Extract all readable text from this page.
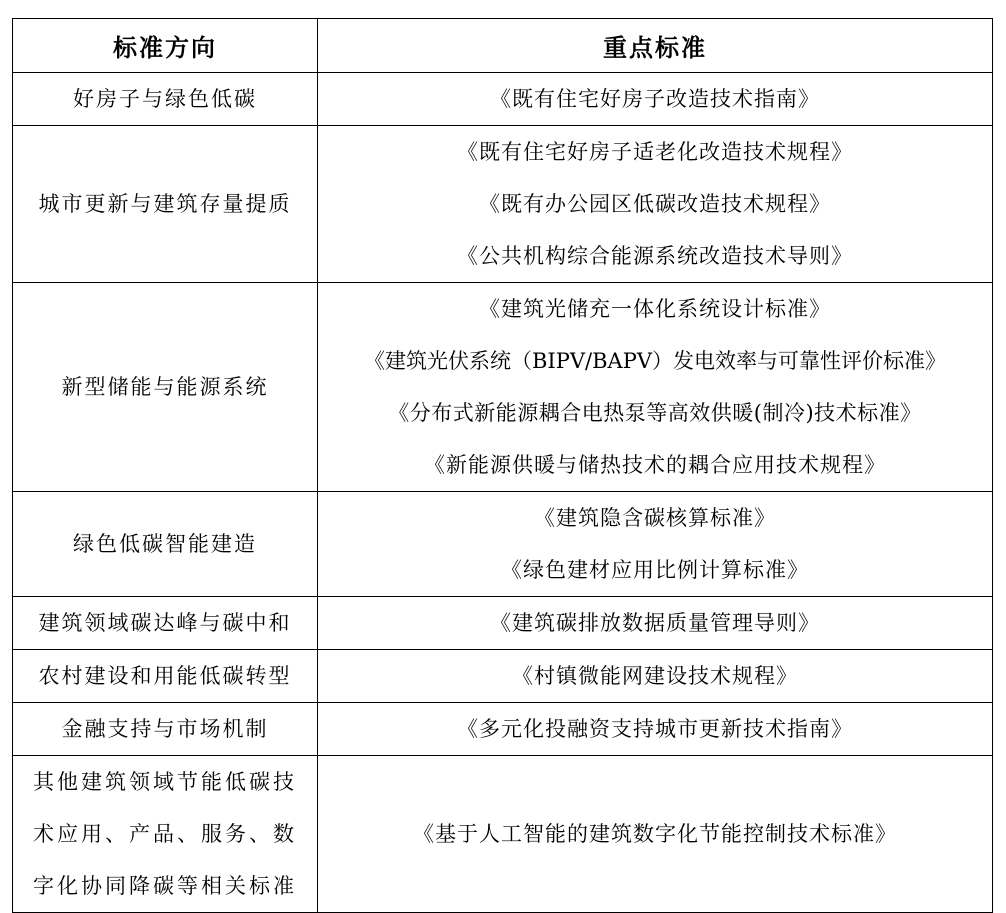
标准方向	重点标准

好房子与绿色低碳	《既有住宅好房子改造技术指南》

城市更新与建筑存量提质	《既有住宅好房子适老化改造技术规程》
《既有办公园区低碳改造技术规程》
《公共机构综合能源系统改造技术导则》

新型储能与能源系统	《建筑光储充一体化系统设计标准》
《建筑光伏系统（BIPV/BAPV）发电效率与可靠性评价标准》
《分布式新能源耦合电热泵等高效供暖(制冷)技术标准》
《新能源供暖与储热技术的耦合应用技术规程》

绿色低碳智能建造	《建筑隐含碳核算标准》
《绿色建材应用比例计算标准》

建筑领域碳达峰与碳中和	《建筑碳排放数据质量管理导则》

农村建设和用能低碳转型	《村镇微能网建设技术规程》

金融支持与市场机制	《多元化投融资支持城市更新技术指南》

其他建筑领域节能低碳技
术应用、产品、服务、数
字化协同降碳等相关标准	《基于人工智能的建筑数字化节能控制技术标准》
